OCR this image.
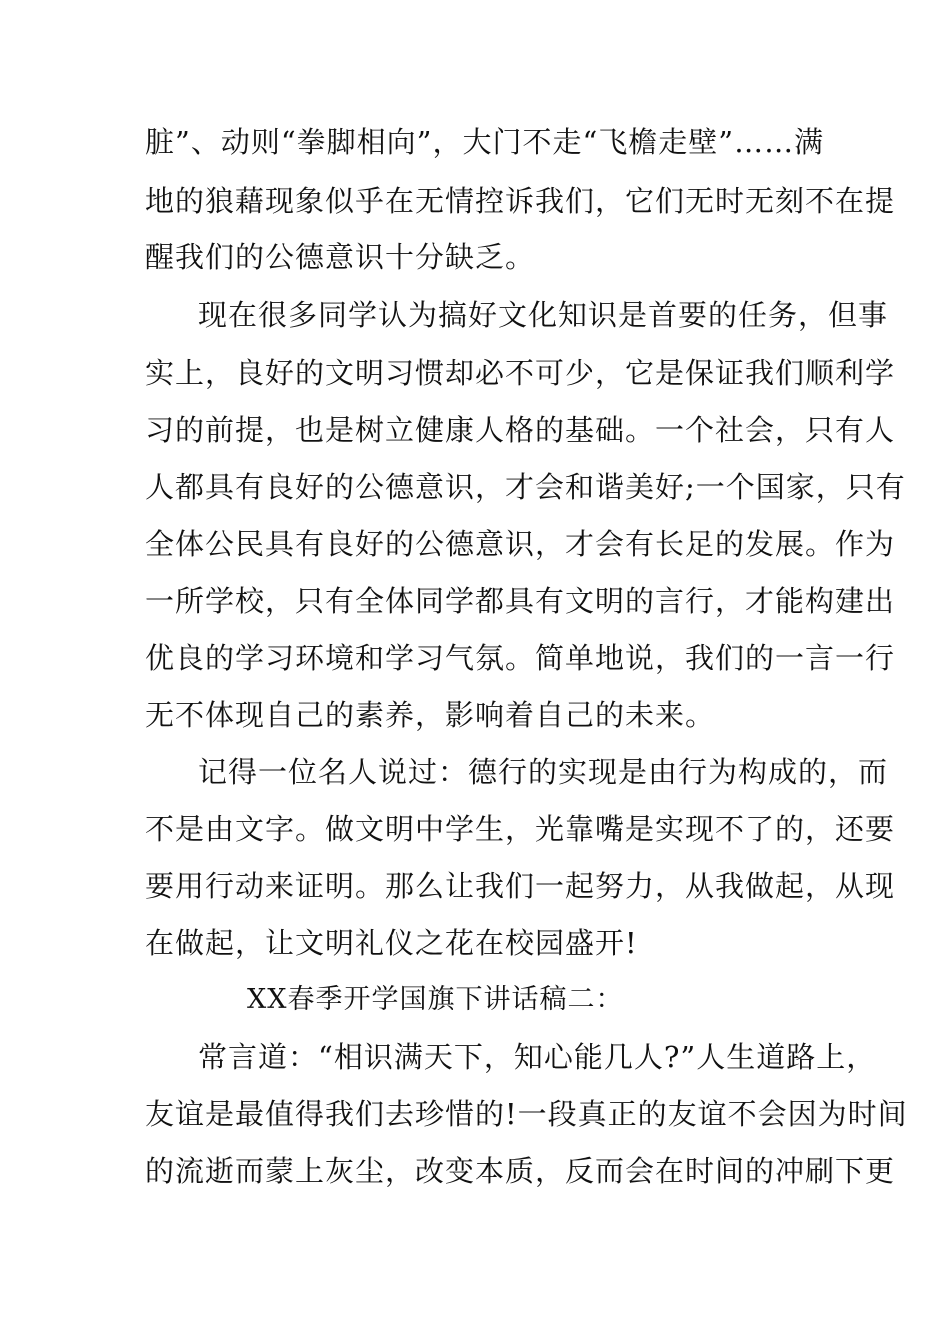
脏”、动则“拳脚相向”，大门不走“飞檐走壁”……满
地的狼藉现象似乎在无情控诉我们，它们无时无刻不在提
醒我们的公德意识十分缺乏。
现在很多同学认为搞好文化知识是首要的任务，但事
实上，良好的文明习惯却必不可少，它是保证我们顺利学
习的前提，也是树立健康人格的基础。一个社会，只有人
人都具有良好的公德意识，才会和谐美好;一个国家，只有
全体公民具有良好的公德意识，才会有长足的发展。作为
一所学校，只有全体同学都具有文明的言行，才能构建出
优良的学习环境和学习气氛。简单地说，我们的一言一行
无不体现自己的素养，影响着自己的未来。
记得一位名人说过：德行的实现是由行为构成的，而
不是由文字。做文明中学生，光靠嘴是实现不了的，还要
要用行动来证明。那么让我们一起努力，从我做起，从现
在做起，让文明礼仪之花在校园盛开!
XX春季开学国旗下讲话稿二：
常言道：“相识满天下，知心能几人?”人生道路上，
友谊是最值得我们去珍惜的!一段真正的友谊不会因为时间
的流逝而蒙上灰尘，改变本质，反而会在时间的冲刷下更
